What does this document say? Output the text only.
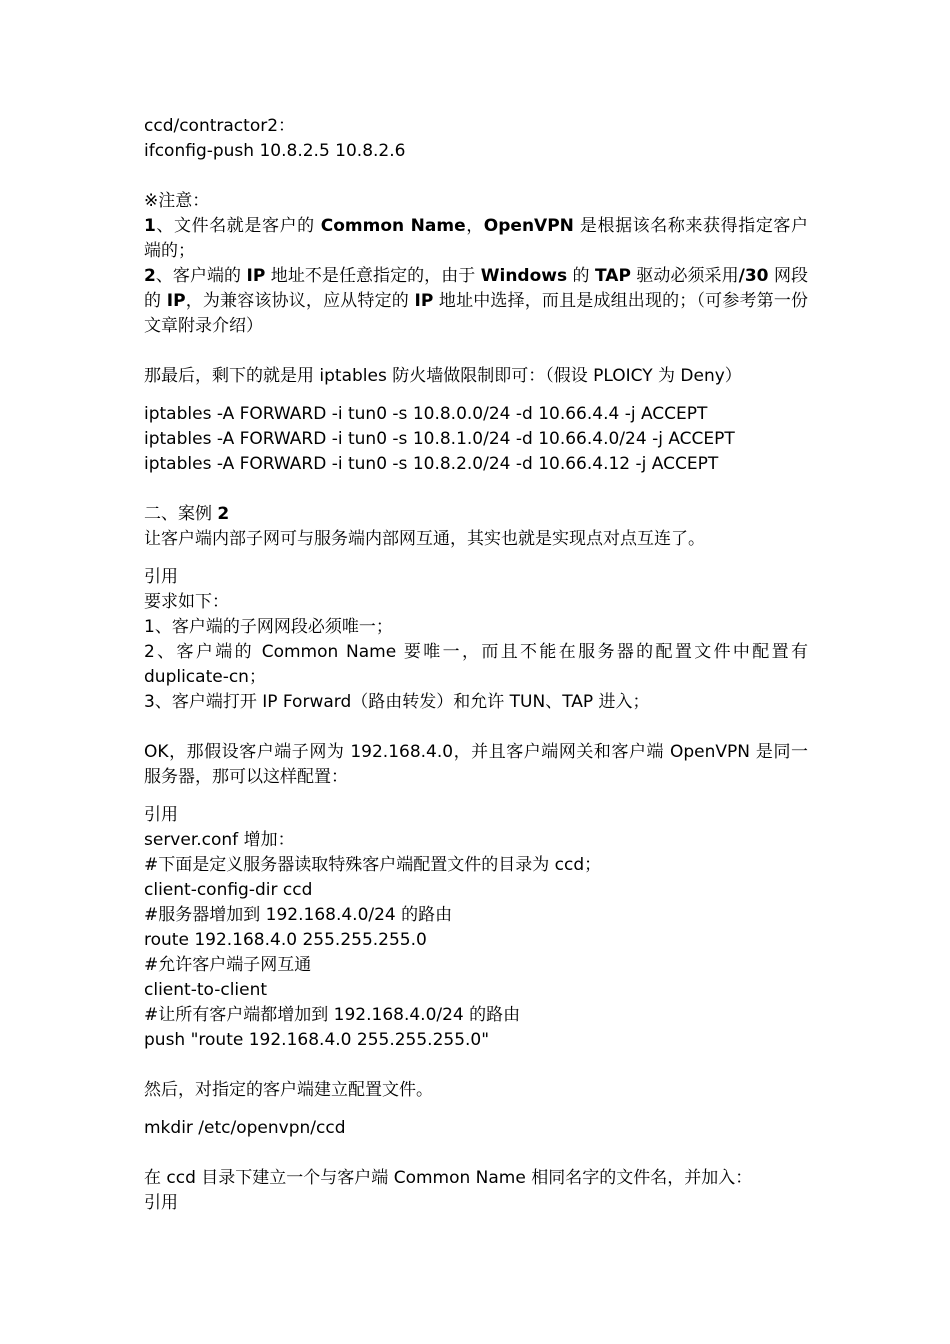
ccd/contractor2：
ifconfig-push 10.8.2.5 10.8.2.6
※注意：
1、文件名就是客户的 Common Name，OpenVPN 是根据该名称来获得指定客户端的；
2、客户端的 IP 地址不是任意指定的，由于 Windows 的 TAP 驱动必须采用/30 网段的 IP，为兼容该协议，应从特定的 IP 地址中选择，而且是成组出现的；（可参考第一份文章附录介绍）
那最后，剩下的就是用 iptables 防火墙做限制即可：（假设 PLOICY 为 Deny）
iptables -A FORWARD -i tun0 -s 10.8.0.0/24 -d 10.66.4.4 -j ACCEPT
iptables -A FORWARD -i tun0 -s 10.8.1.0/24 -d 10.66.4.0/24 -j ACCEPT
iptables -A FORWARD -i tun0 -s 10.8.2.0/24 -d 10.66.4.12 -j ACCEPT
二、案例 2
让客户端内部子网可与服务端内部网互通，其实也就是实现点对点互连了。
引用
要求如下：
1、客户端的子网网段必须唯一；
2、客户端的 Common Name 要唯一，而且不能在服务器的配置文件中配置有 duplicate-cn；
3、客户端打开 IP Forward（路由转发）和允许 TUN、TAP 进入；
OK，那假设客户端子网为 192.168.4.0，并且客户端网关和客户端 OpenVPN 是同一服务器，那可以这样配置：
引用
server.conf 增加：
#下面是定义服务器读取特殊客户端配置文件的目录为 ccd；
client-config-dir ccd
#服务器增加到 192.168.4.0/24 的路由
route 192.168.4.0 255.255.255.0
#允许客户端子网互通
client-to-client
#让所有客户端都增加到 192.168.4.0/24 的路由
push "route 192.168.4.0 255.255.255.0"
然后，对指定的客户端建立配置文件。
mkdir /etc/openvpn/ccd
在 ccd 目录下建立一个与客户端 Common Name 相同名字的文件名，并加入：
引用
